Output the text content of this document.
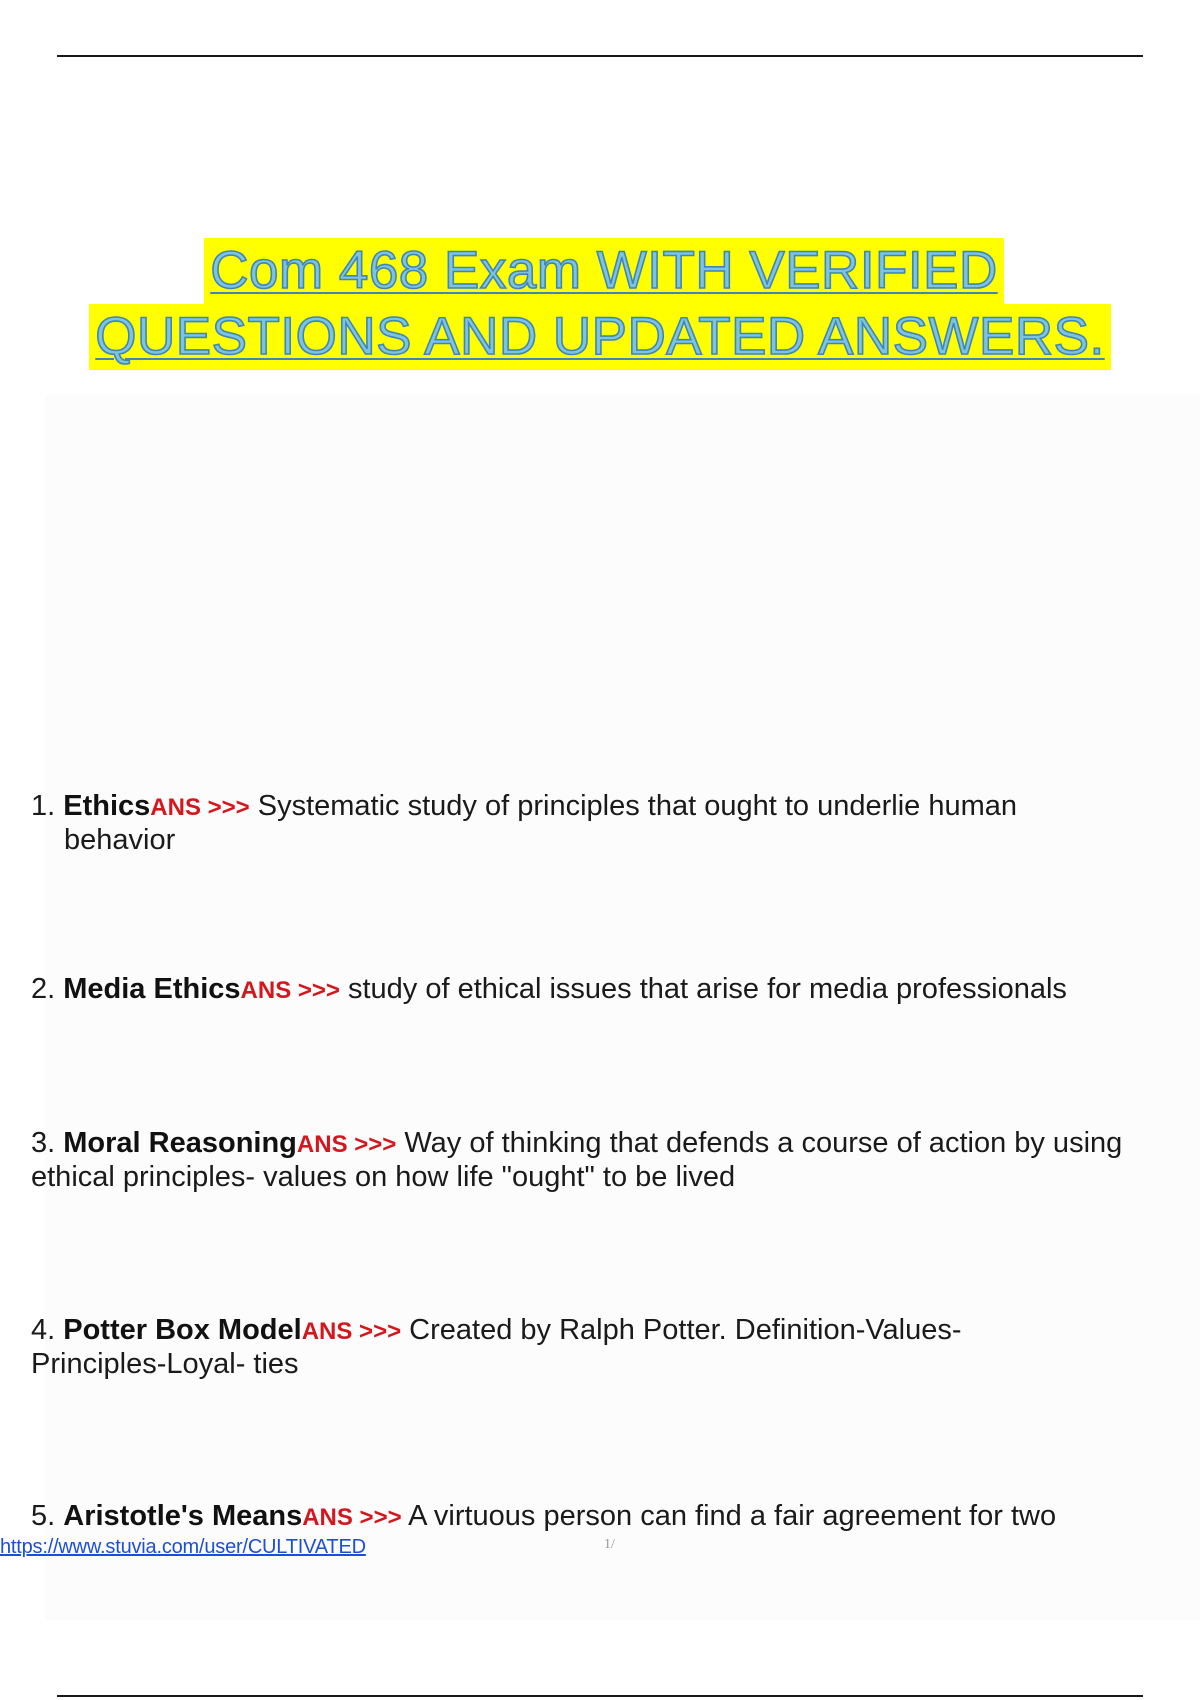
Com 468 Exam WITH VERIFIED
QUESTIONS AND UPDATED ANSWERS.
1. EthicsANS >>> Systematic study of principles that ought to underlie human
behavior
2. Media EthicsANS >>> study of ethical issues that arise for media professionals
3. Moral ReasoningANS >>> Way of thinking that defends a course of action by using
ethical principles- values on how life "ought" to be lived
4. Potter Box ModelANS >>> Created by Ralph Potter. Definition-Values-
Principles-Loyal- ties
5. Aristotle's MeansANS >>> A virtuous person can find a fair agreement for two
https://www.stuvia.com/user/CULTIVATED	1/
